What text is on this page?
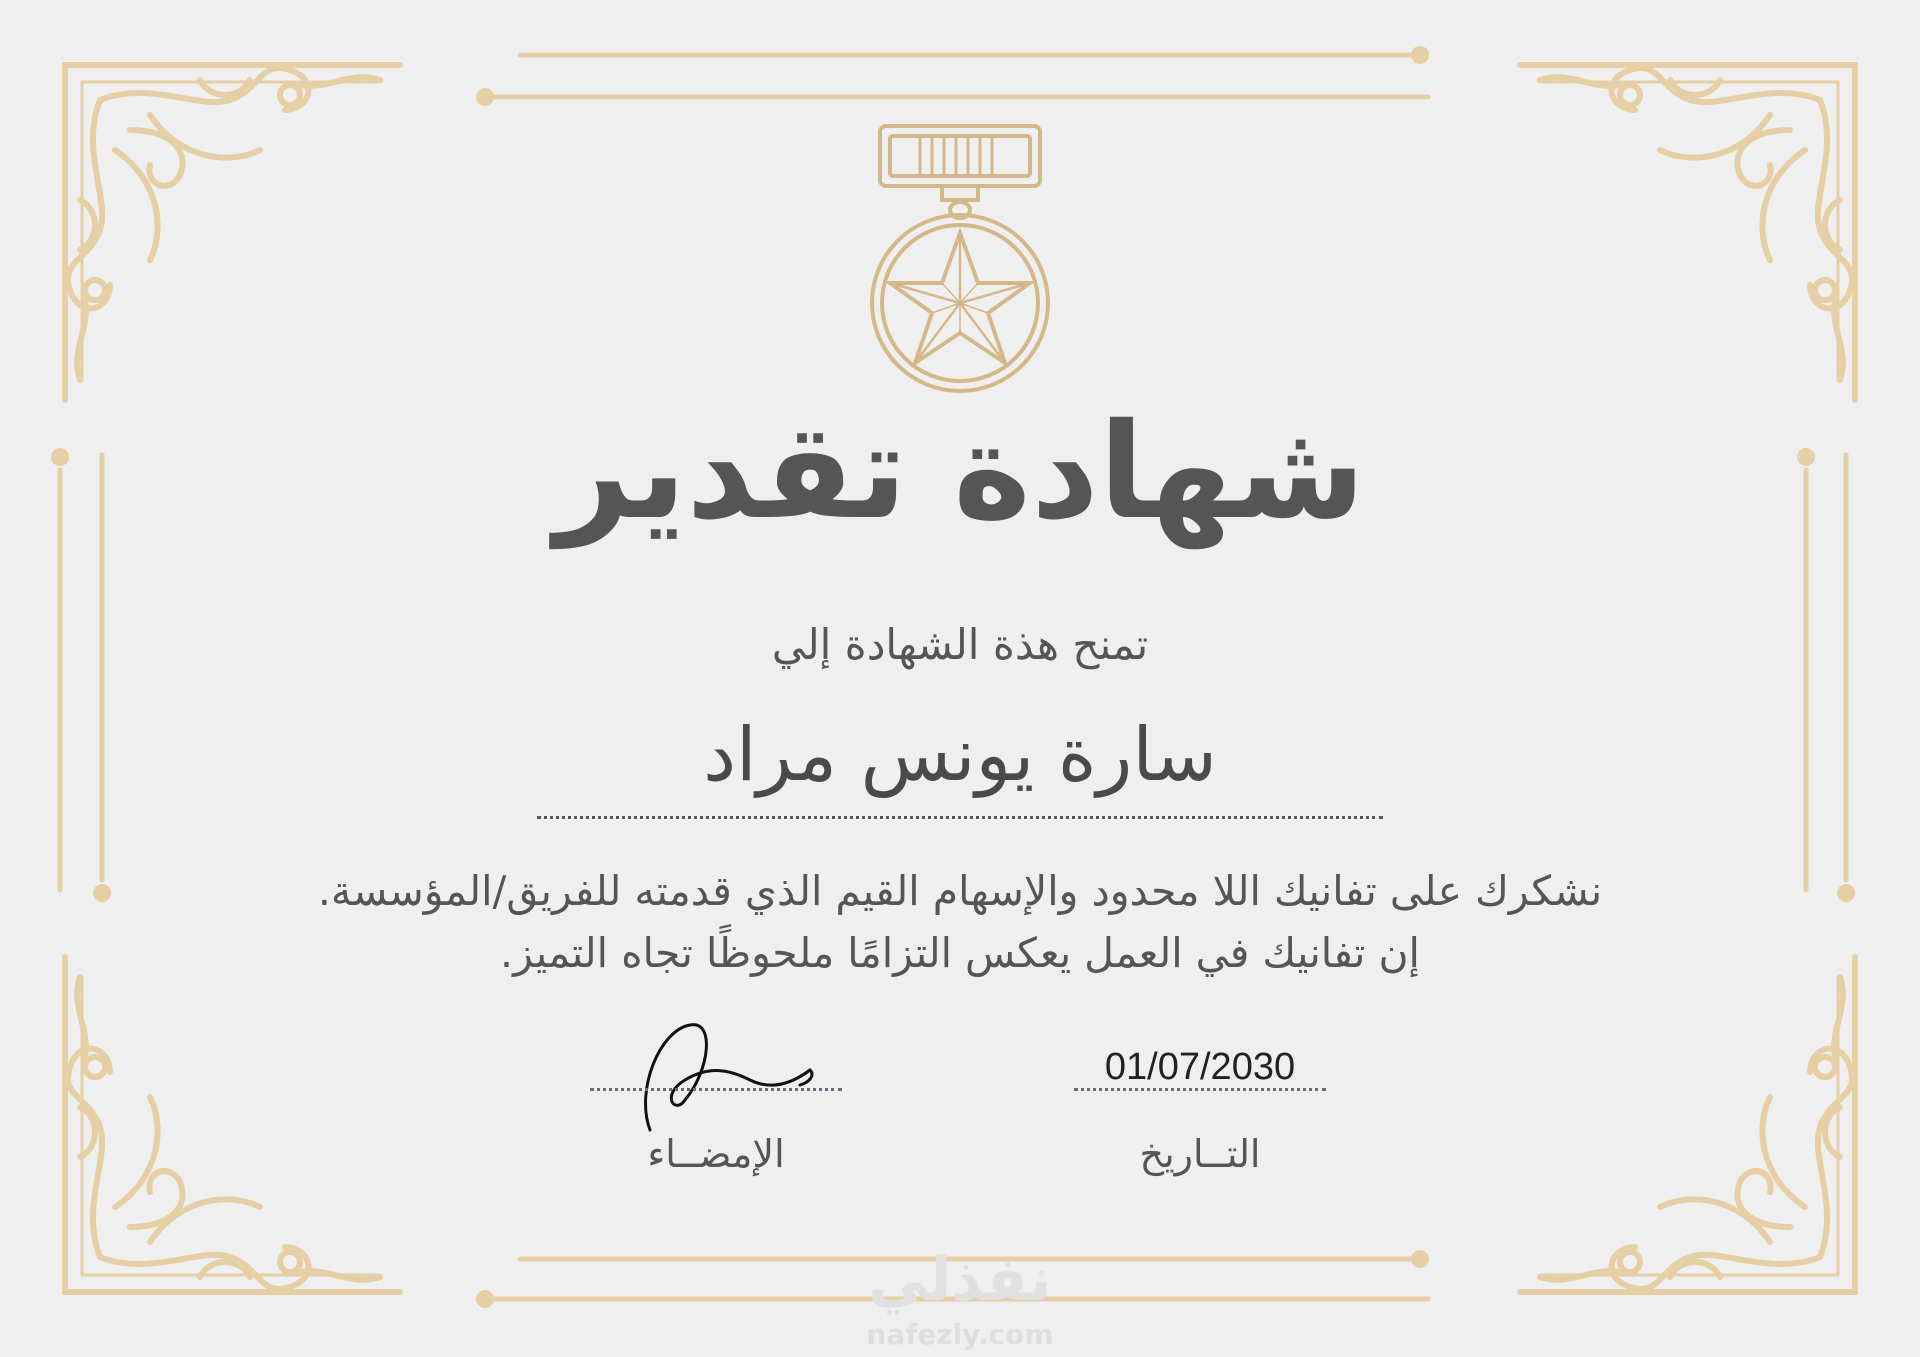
شهادة تقدير
تمنح هذة الشهادة إلي
سارة يونس مراد
نشكرك على تفانيك اللا محدود والإسهام القيم الذي قدمته للفريق/المؤسسة.
إن تفانيك في العمل يعكس التزامًا ملحوظًا تجاه التميز.
01/07/2030
التــاريخ
الإمضــاء
نفذلي
nafezly.com
